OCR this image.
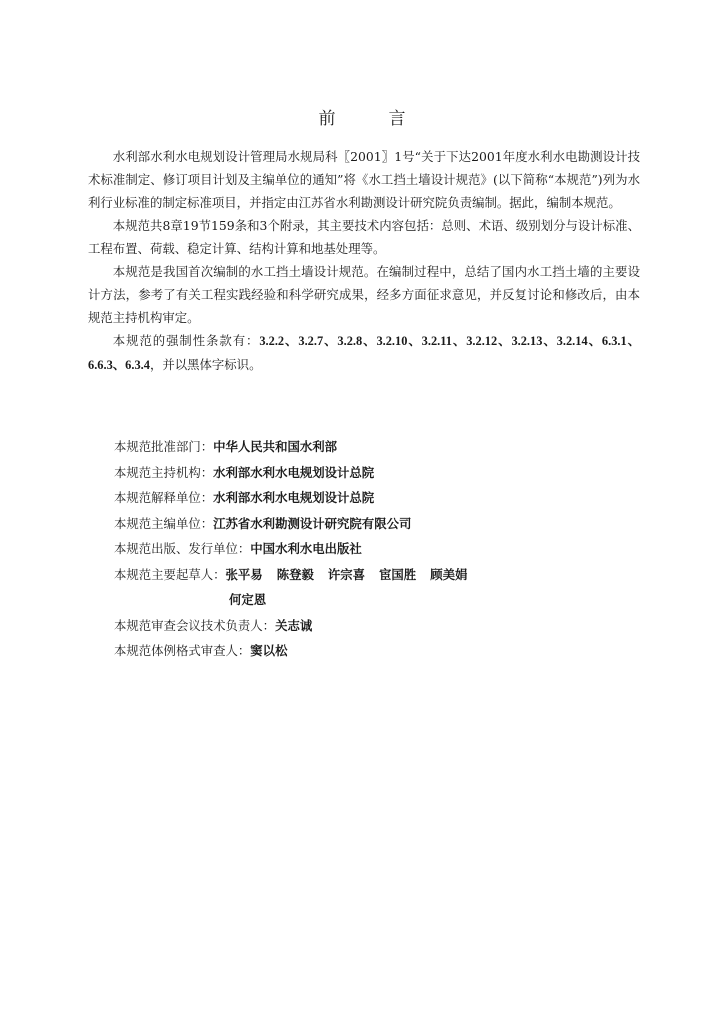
前　言

水利部水利水电规划设计管理局水规局科〖2001〗1号“关于下达2001年度水利水电勘测设计技术标准制定、修订项目计划及主编单位的通知”将《水工挡土墙设计规范》(以下简称“本规范”)列为水利行业标准的制定标准项目，并指定由江苏省水利勘测设计研究院负责编制。据此，编制本规范。

本规范共8章19节159条和3个附录，其主要技术内容包括：总则、术语、级别划分与设计标准、工程布置、荷载、稳定计算、结构计算和地基处理等。

本规范是我国首次编制的水工挡土墙设计规范。在编制过程中，总结了国内水工挡土墙的主要设计方法，参考了有关工程实践经验和科学研究成果，经多方面征求意见，并反复讨论和修改后，由本规范主持机构审定。

本规范的强制性条款有：3.2.2、3.2.7、3.2.8、3.2.10、3.2.11、3.2.12、3.2.13、3.2.14、6.3.1、6.6.3、6.3.4，并以黑体字标识。

本规范批准部门：中华人民共和国水利部

本规范主持机构：水利部水利水电规划设计总院

本规范解释单位：水利部水利水电规划设计总院

本规范主编单位：江苏省水利勘测设计研究院有限公司

本规范出版、发行单位：中国水利水电出版社

本规范主要起草人：张平易 陈登毅 许宗喜 宦国胜 顾美娟

何定恩

本规范审查会议技术负责人：关志诚

本规范体例格式审查人：窦以松
